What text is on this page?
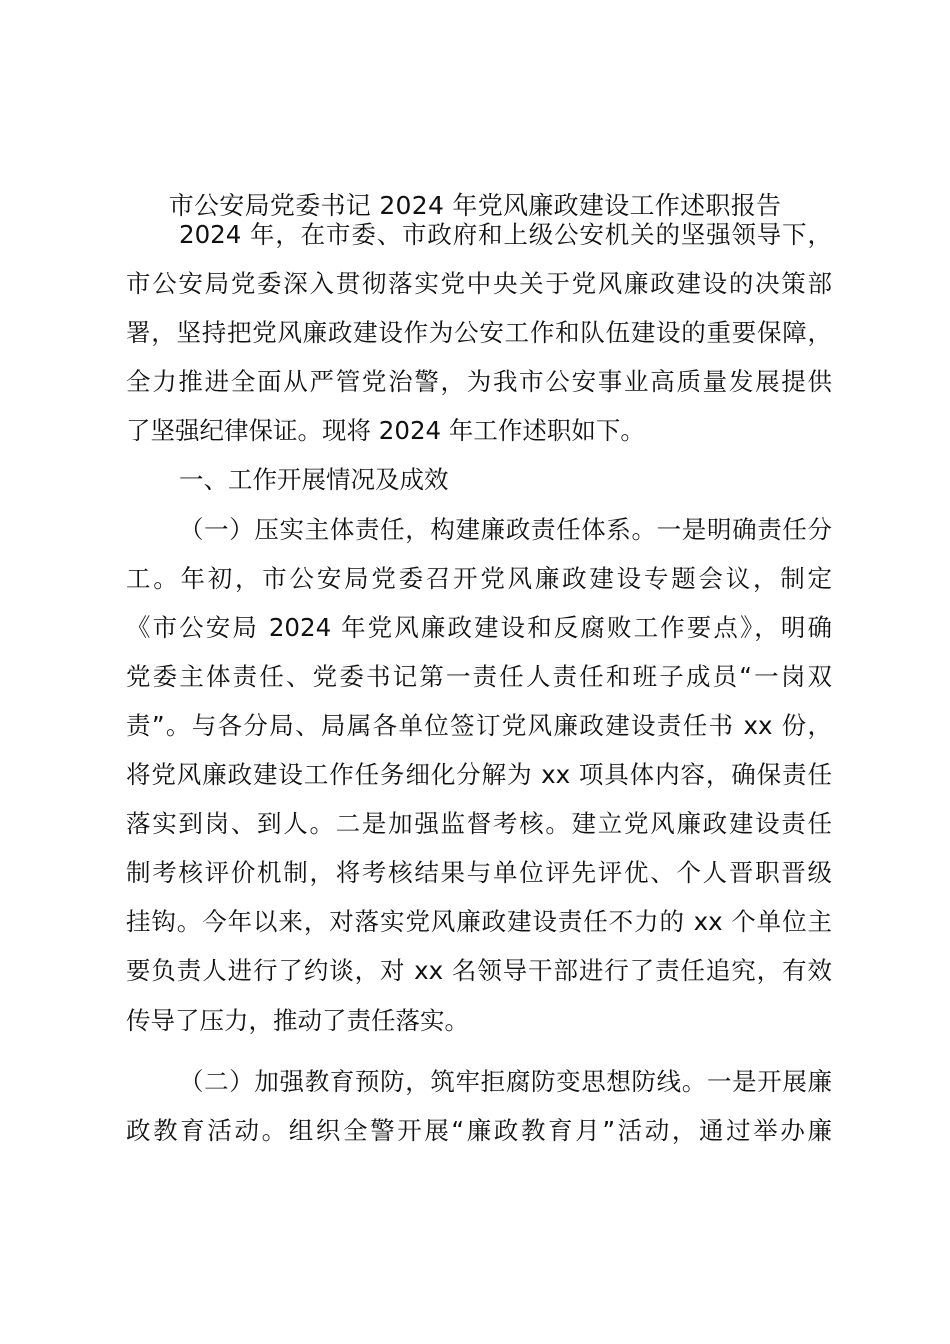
市公安局党委书记 2024 年党风廉政建设工作述职报告
2024 年，在市委、市政府和上级公安机关的坚强领导下，
市公安局党委深入贯彻落实党中央关于党风廉政建设的决策部
署，坚持把党风廉政建设作为公安工作和队伍建设的重要保障，
全力推进全面从严管党治警，为我市公安事业高质量发展提供
了坚强纪律保证。现将 2024 年工作述职如下。
一、工作开展情况及成效
（一）压实主体责任，构建廉政责任体系。一是明确责任分
工。年初，市公安局党委召开党风廉政建设专题会议，制定
《市公安局 2024 年党风廉政建设和反腐败工作要点》，明确
党委主体责任、党委书记第一责任人责任和班子成员“一岗双
责”。与各分局、局属各单位签订党风廉政建设责任书 xx 份，
将党风廉政建设工作任务细化分解为 xx 项具体内容，确保责任
落实到岗、到人。二是加强监督考核。建立党风廉政建设责任
制考核评价机制，将考核结果与单位评先评优、个人晋职晋级
挂钩。今年以来，对落实党风廉政建设责任不力的 xx 个单位主
要负责人进行了约谈，对 xx 名领导干部进行了责任追究，有效
传导了压力，推动了责任落实。
（二）加强教育预防，筑牢拒腐防变思想防线。一是开展廉
政教育活动。组织全警开展“廉政教育月”活动，通过举办廉
